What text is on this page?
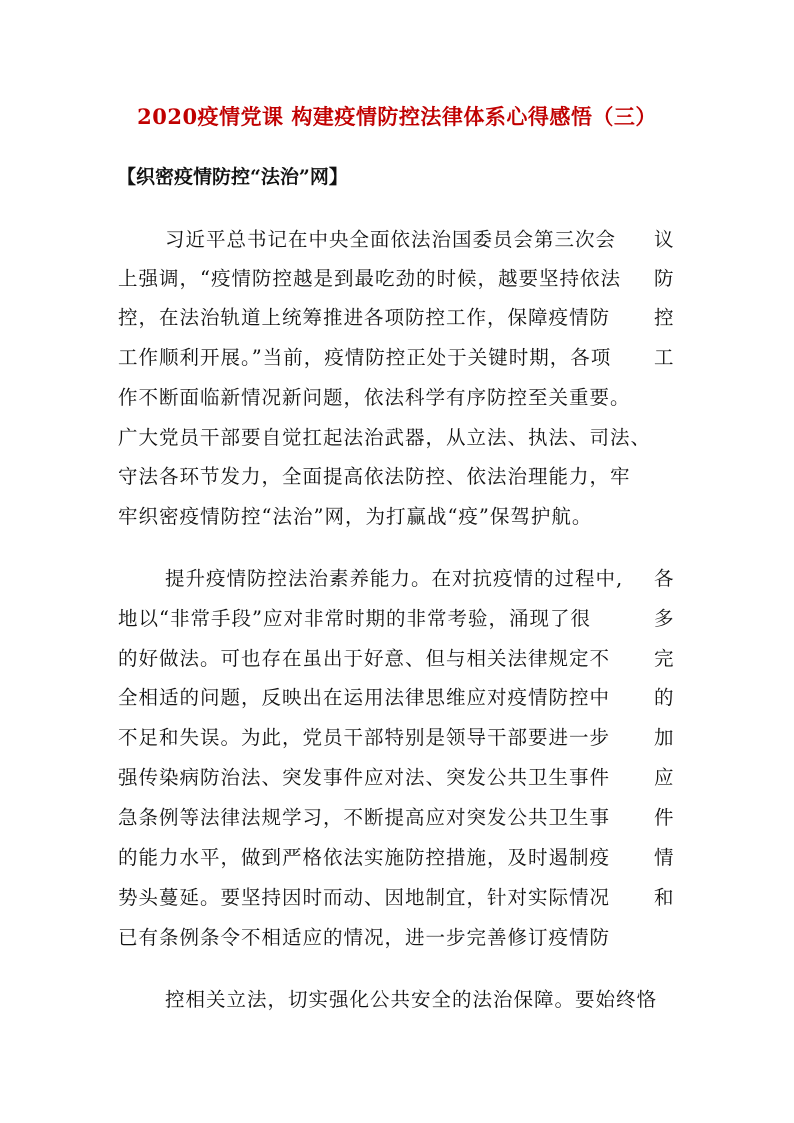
2020疫情党课 构建疫情防控法律体系心得感悟（三）
【织密疫情防控“法治”网】
习近平总书记在中央全面依法治国委员会第三次会 议
上强调，“疫情防控越是到最吃劲的时候，越要坚持依法 防
控，在法治轨道上统筹推进各项防控工作，保障疫情防 控
工作顺利开展。”当前，疫情防控正处于关键时期，各项 工
作不断面临新情况新问题，依法科学有序防控至关重要。
广大党员干部要自觉扛起法治武器，从立法、执法、司法、
守法各环节发力，全面提高依法防控、依法治理能力，牢
牢织密疫情防控“法治”网，为打赢战“疫”保驾护航。
提升疫情防控法治素养能力。在对抗疫情的过程中, 各
地以“非常手段”应对非常时期的非常考验，涌现了很	多
的好做法。可也存在虽出于好意、但与相关法律规定不 完
全相适的问题，反映出在运用法律思维应对疫情防控中 的
不足和失误。为此，党员干部特别是领导干部要进一步 加
强传染病防治法、突发事件应对法、突发公共卫生事件 应
急条例等法律法规学习，不断提高应对突发公共卫生事 件
的能力水平，做到严格依法实施防控措施，及时遏制疫 情
势头蔓延。要坚持因时而动、因地制宜，针对实际情况 和
已有条例条令不相适应的情况，进一步完善修订疫情防
控相关立法，切实强化公共安全的法治保障。要始终恪
